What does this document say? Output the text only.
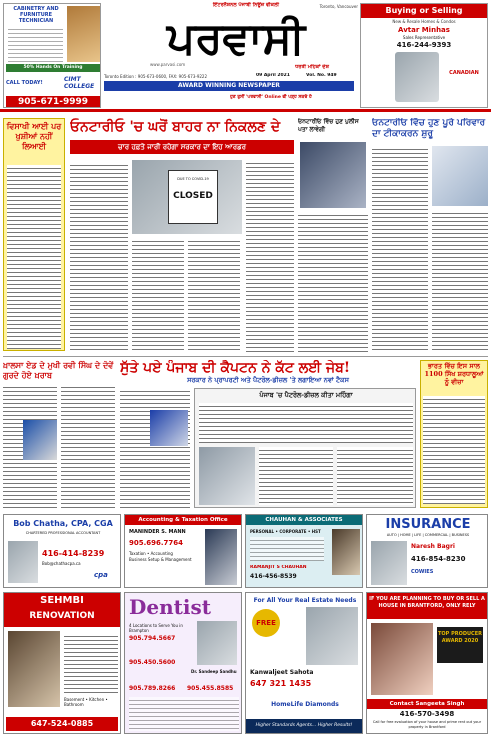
CABINETRY AND
FURNITURE
TECHNICIAN
50% Hands On Training
CALL TODAY!	CIMT COLLEGE
905-671-9999
ਇੰਟਰਨੈਸ਼ਨਲ ਪੰਜਾਬੀ ਨਿਊਜ਼ ਵੀਕਲੀ	Toronto, Vancouver
ਪਰਵਾਸੀ
ਧਰਤੀ ਮਹਿਕਾਂ ਦੇਸ਼
www.parvasi.com
Toronto Edition : 905-673-0600, FAX: 905-673-9222	09 April 2021	Vol. No. 949
AWARD WINNING NEWSPAPER
ਹੁਣ ਤੁਸੀਂ 'ਪਰਵਾਸੀ' Online ਵੀ ਪੜ੍ਹ ਸਕਦੇ ਹੋ
Buying or Selling
New & Resale Homes & Condos
Avtar Minhas
Sales Representative
416-244-9393
CANADIAN
ਵਿਸਾਖੀ ਆਈ ਪਰ ਖੁਸ਼ੀਆਂ ਨਹੀਂ ਲਿਆਈ
ਓਨਟਾਰੀਓ 'ਚ ਘਰੋਂ ਬਾਹਰ ਨਾ ਨਿਕਲਣ ਦੇ
ਚਾਰ ਹਫ਼ਤੇ ਜਾਰੀ ਰਹੇਗਾ ਸਰਕਾਰ ਦਾ ਇਹ ਆਰਡਰ
DUE TO COVID-19
CLOSED
ਓਨਟਾਰੀਓ ਵਿੱਚ ਹੁਣ ਪੁਲੀਸ ਪਤਾ ਲਾਵੇਗੀ
ਓਨਟਾਰੀਓ ਵਿੱਚ ਹੁਣ ਪੂਰੇ ਪਰਿਵਾਰ ਦਾ ਟੀਕਾਕਰਨ ਸ਼ੁਰੂ
ਖ਼ਾਲਸਾ ਏਡ ਦੇ ਮੁਖੀ ਰਵੀ ਸਿੰਘ ਦੇ ਦੋਵੇਂ ਗੁਰਦੇ ਹੋਏ ਖ਼ਰਾਬ	ਸੁੱਤੇ ਪਏ ਪੰਜਾਬ ਦੀ ਕੈਪਟਨ ਨੇ ਕੱਟ ਲਈ ਜੇਬ!
ਸਰਕਾਰ ਨੇ ਪ੍ਰਾਪਰਟੀ ਅਤੇ ਪੈਟਰੋਲ-ਡੀਜ਼ਲ 'ਤੇ ਲਗਾਇਆ ਨਵਾਂ ਟੈਕਸ
ਪੰਜਾਬ 'ਚ ਪੈਟਰੋਲ-ਡੀਜ਼ਲ ਕੀਤਾ ਮਹਿੰਗਾ
ਭਾਰਤ ਵਿੱਚ ਇਸ ਸਾਲ 1100 ਸਿੱਖ ਸ਼ਰਧਾਲੂਆਂ ਨੂੰ ਵੀਜ਼ਾ
Bob Chatha, CPA, CGA
CHARTERED PROFESSIONAL ACCOUNTANT
416-414-8239
Bob@chathacpa.ca
cpa
Accounting & Taxation Office
MANINDER S. MANN
905.696.7764
Taxation • Accounting
Business Setup & Management
CHAUHAN & ASSOCIATES
PERSONAL • CORPORATE • HST
RAMANJIT S CHAUHAN
416-456-8539
INSURANCE
AUTO | HOME | LIFE | COMMERCIAL | BUSINESS
Naresh Bagri
416-854-8230
COWIES
SEHMBI
RENOVATION
Basement • Kitchen • Bathroom
647-524-0885
Dentist
4 Locations to Serve You in Brampton
905.794.5667
905.450.5600
905.789.8266	905.455.8585
Dr. Sandeep Sandhu
For All Your Real Estate Needs
FREE
Kanwaljeet Sahota
647 321 1435
HomeLife Diamonds
Higher Standards Agents... Higher Results!
IF YOU ARE PLANNING TO BUY OR SELL A HOUSE IN BRANTFORD, ONLY RELY
TOP PRODUCER AWARD 2020
Contact Sangeeta Singh
416-570-3498
Call for free evaluation of your house and prime rent out your property in Brantford
